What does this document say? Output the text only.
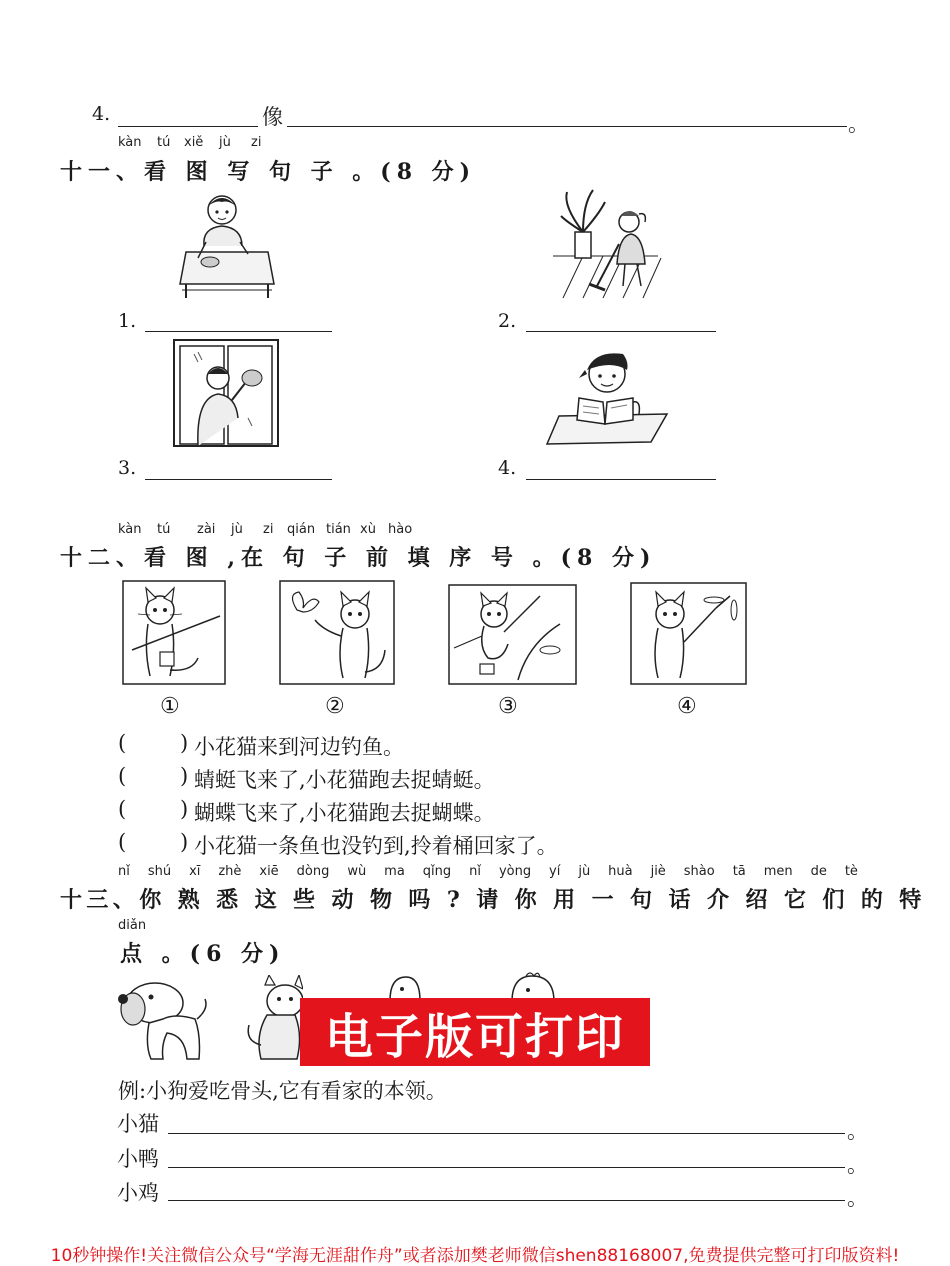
4.	像	。
kàn tú xiě jù zi
十一、看 图 写 句 子 。(8 分)
1.	2.
3.	4.
kàn tú zài jù zi qián tián xù hào
十二、看 图 ,在 句 子 前 填 序 号 。(8 分)
①	②	③	④
(	) 小花猫来到河边钓鱼。
(	) 蜻蜓飞来了,小花猫跑去捉蜻蜓。
(	) 蝴蝶飞来了,小花猫跑去捉蝴蝶。
(	) 小花猫一条鱼也没钓到,拎着桶回家了。
nǐ shú xī zhè xiē dòng wù ma qǐng nǐ yòng yí jù huà jiè shào tā men de tè
十三、你 熟 悉 这 些 动 物 吗 ? 请 你 用 一 句 话 介 绍 它 们 的 特
diǎn
点 。(6 分)
电子版可打印
例:小狗爱吃骨头,它有看家的本领。
小猫	。
小鸭	。
小鸡	。
10秒钟操作!关注微信公众号“学海无涯甜作舟”或者添加樊老师微信shen88168007,免费提供完整可打印版资料!
